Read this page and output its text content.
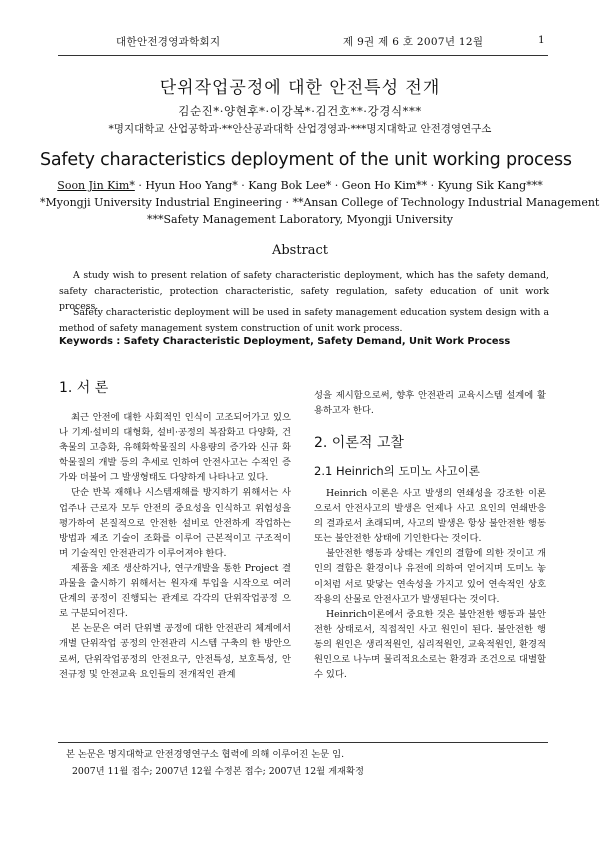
대한안전경영과학회지	제 9권 제 6 호 2007년 12월	1
단위작업공정에 대한 안전특성 전개
김순진*·양현후*·이강복*·김건호**·강경식***
*명지대학교 산업공학과·**안산공과대학 산업경영과·***명지대학교 안전경영연구소
Safety characteristics deployment of the unit working process
Soon Jin Kim* · Hyun Hoo Yang* · Kang Bok Lee* · Geon Ho Kim** · Kyung Sik Kang***
*Myongji University Industrial Engineering · **Ansan College of Technology Industrial Management
***Safety Management Laboratory, Myongji University
Abstract

A study wish to present relation of safety characteristic deployment, which has the safety demand, safety characteristic, protection characteristic, safety regulation, safety education of unit work process.

Safety characteristic deployment will be used in safety management education system design with a method of safety management system construction of unit work process.

Keywords : Safety Characteristic Deployment, Safety Demand, Unit Work Process
1. 서 론

최근 안전에 대한 사회적인 인식이 고조되어가고 있으나 기계·설비의 대형화, 설비·공정의 복잡화고 다양화, 건축물의 고층화, 유해화학물질의 사용량의 증가와 신규 화학물질의 개발 등의 추세로 인하여 안전사고는 수적인 증가와 더불어 그 발생형태도 다양하게 나타나고 있다.

단순 반복 재해나 시스템재해를 방지하기 위해서는 사업주나 근로자 모두 안전의 중요성을 인식하고 위험성을 평가하여 본질적으로 안전한 설비로 안전하게 작업하는 방법과 제조 기술이 조화를 이루어 근본적이고 구조적이며 기술적인 안전관리가 이루어져야 한다.

제품을 제조 생산하거나, 연구개발을 통한 Project 결과물을 출시하기 위해서는 원자재 투입을 시작으로 여러 단계의 공정이 진행되는 관계로 각각의 단위작업공정 으로 구분되어진다.

본 논문은 여러 단위별 공정에 대한 안전관리 체계에서 개별 단위작업 공정의 안전관리 시스템 구축의 한 방안으로써, 단위작업공정의 안전요구, 안전특성, 보호특성, 안전규정 및 안전교육 요인들의 전개적인 관계

성을 제시함으로써, 향후 안전관리 교육시스템 설계에 활용하고자 한다.

2. 이론적 고찰
2.1 Heinrich의 도미노 사고이론

Heinrich 이론은 사고 발생의 연쇄성을 강조한 이론으로서 안전사고의 발생은 언제나 사고 요인의 연쇄반응의 결과로서 초래되며, 사고의 발생은 항상 불안전한 행동 또는 불안전한 상태에 기인한다는 것이다.

불안전한 행동과 상태는 개인의 결함에 의한 것이고 개인의 결함은 환경이나 유전에 의하여 얻어지며 도미노 놓이처럼 서로 맞닿는 연속성을 가지고 있어 연속적인 상호작용의 산물로 안전사고가 발생된다는 것이다.

Heinrich이론에서 중요한 것은 불안전한 행동과 불안전한 상태로서, 직접적인 사고 원인이 된다. 불안전한 행동의 원인은 생리적원인, 심리적원인, 교육적원인, 환경적 원인으로 나누며 물리적요소로는 환경과 조건으로 대별할 수 있다.

본 논문은 명지대학교 안전경영연구소 협력에 의해 이루어진 논문 임.
2007년 11월 접수; 2007년 12월 수정본 접수; 2007년 12월 게재확정
